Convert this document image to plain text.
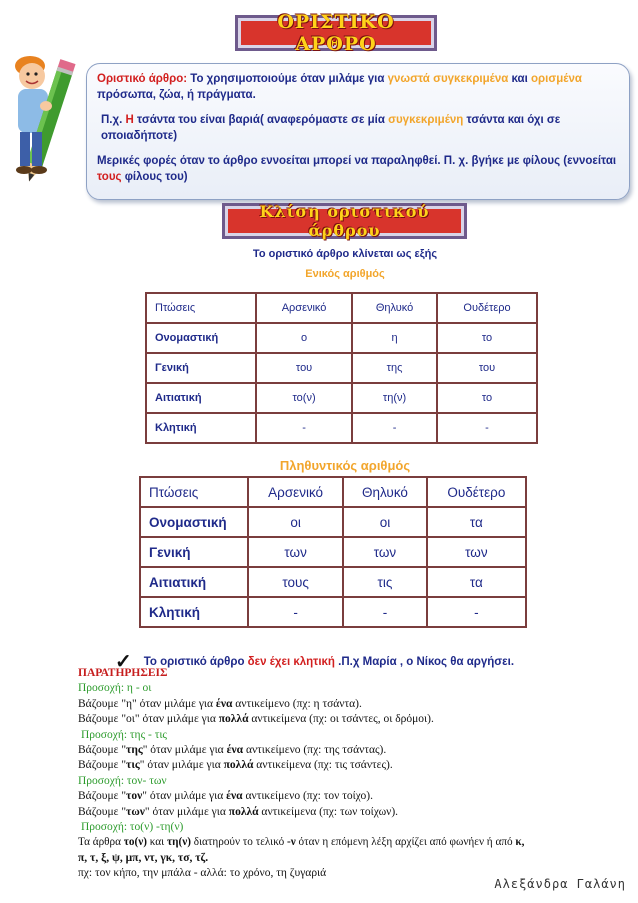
ΟΡΙΣΤΙΚΟ ΑΡΘΡΟ

Οριστικό άρθρο: Το χρησιμοποιούμε όταν μιλάμε για γνωστά συγκεκριμένα και ορισμένα πρόσωπα, ζώα, ή πράγματα.

Π.χ. Η τσάντα του είναι βαριά( αναφερόμαστε σε μία συγκεκριμένη τσάντα και όχι σε οποιαδήποτε)

Μερικές φορές όταν το άρθρο εννοείται μπορεί να παραληφθεί. Π. χ. βγήκε με φίλους (εννοείται τους φίλους του)

Κλίση οριστικού άρθρου
Το οριστικό άρθρο κλίνεται ως εξής
Ενικός αριθμός
Πτώσεις	Αρσενικό	Θηλυκό	Ουδέτερο
Ονομαστική	ο	η	το
Γενική	του	της	του
Αιτιατική	το(ν)	τη(ν)	το
Κλητική	-	-	-
Πληθυντικός αριθμός
Πτώσεις	Αρσενικό	Θηλυκό	Ουδέτερο
Ονομαστική	οι	οι	τα
Γενική	των	των	των
Αιτιατική	τους	τις	τα
Κλητική	-	-	-
✓ Το οριστικό άρθρο δεν έχει κλητική .Π.χ Μαρία , ο Νίκος θα αργήσει.
ΠΑΡΑΤΗΡΗΣΕΙΣ
Προσοχή: η - οι
Βάζουμε "η" όταν μιλάμε για ένα αντικείμενο (πχ: η τσάντα).
Βάζουμε "οι" όταν μιλάμε για πολλά αντικείμενα (πχ: οι τσάντες, οι δρόμοι).
Προσοχή: της - τις
Βάζουμε "της" όταν μιλάμε για ένα αντικείμενο (πχ: της τσάντας).
Βάζουμε "τις" όταν μιλάμε για πολλά αντικείμενα (πχ: τις τσάντες).
Προσοχή: τον- των
Βάζουμε "τον" όταν μιλάμε για ένα αντικείμενο (πχ: τον τοίχο).
Βάζουμε "των" όταν μιλάμε για πολλά αντικείμενα (πχ: των τοίχων).
Προσοχή: το(ν) -τη(ν)
Τα άρθρα το(ν) και τη(ν) διατηρούν το τελικό -ν όταν η επόμενη λέξη αρχίζει από φωνήεν ή από κ,
π, τ, ξ, ψ, μπ, ντ, γκ, τσ, τζ.
πχ: τον κήπο, την μπάλα - αλλά: το χρόνο, τη ζυγαριά
Αλεξάνδρα Γαλάνη
